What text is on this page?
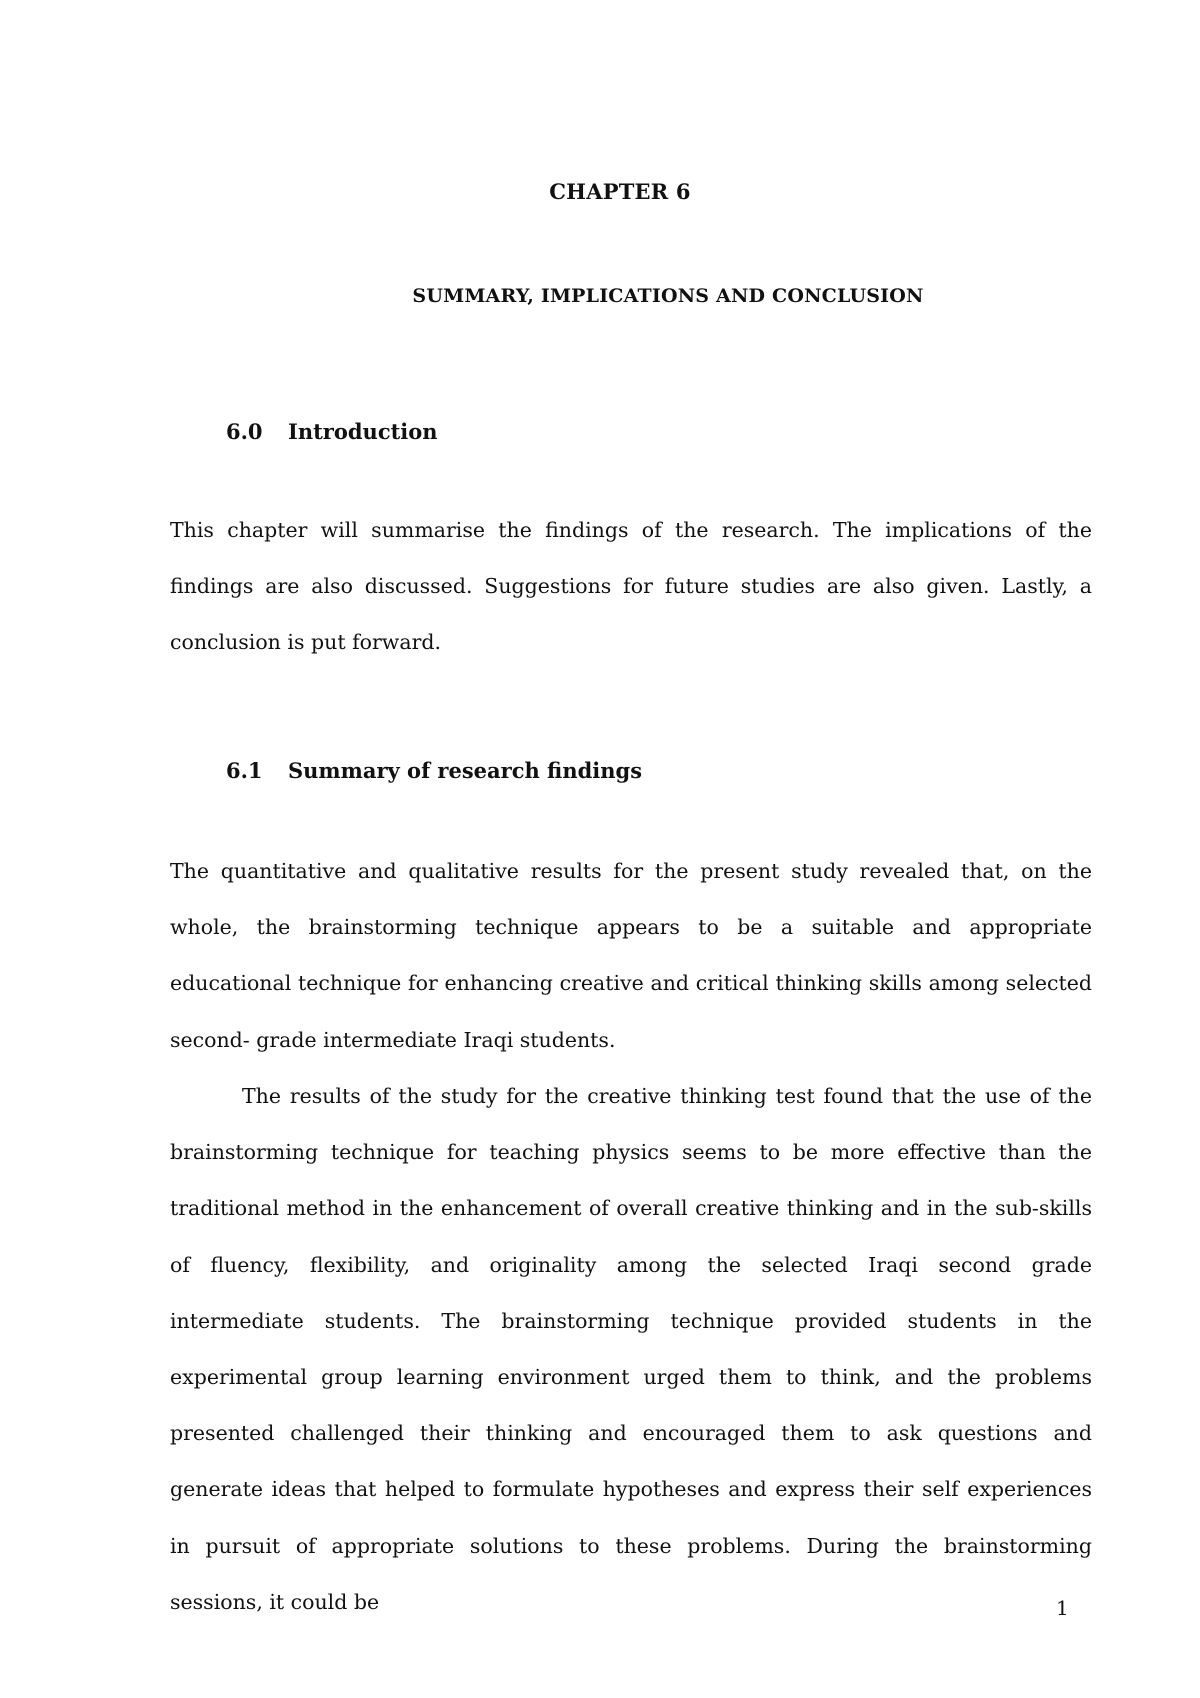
CHAPTER 6
SUMMARY, IMPLICATIONS AND CONCLUSION
6.0 Introduction

This chapter will summarise the findings of the research. The implications of the findings are also discussed. Suggestions for future studies are also given. Lastly, a conclusion is put forward.

6.1 Summary of research findings

The quantitative and qualitative results for the present study revealed that, on the whole, the brainstorming technique appears to be a suitable and appropriate educational technique for enhancing creative and critical thinking skills among selected second- grade intermediate Iraqi students.

The results of the study for the creative thinking test found that the use of the brainstorming technique for teaching physics seems to be more effective than the traditional method in the enhancement of overall creative thinking and in the sub-skills of fluency, flexibility, and originality among the selected Iraqi second grade intermediate students. The brainstorming technique provided students in the experimental group learning environment urged them to think, and the problems presented challenged their thinking and encouraged them to ask questions and generate ideas that helped to formulate hypotheses and express their self experiences in pursuit of appropriate solutions to these problems. During the brainstorming sessions, it could be	1
